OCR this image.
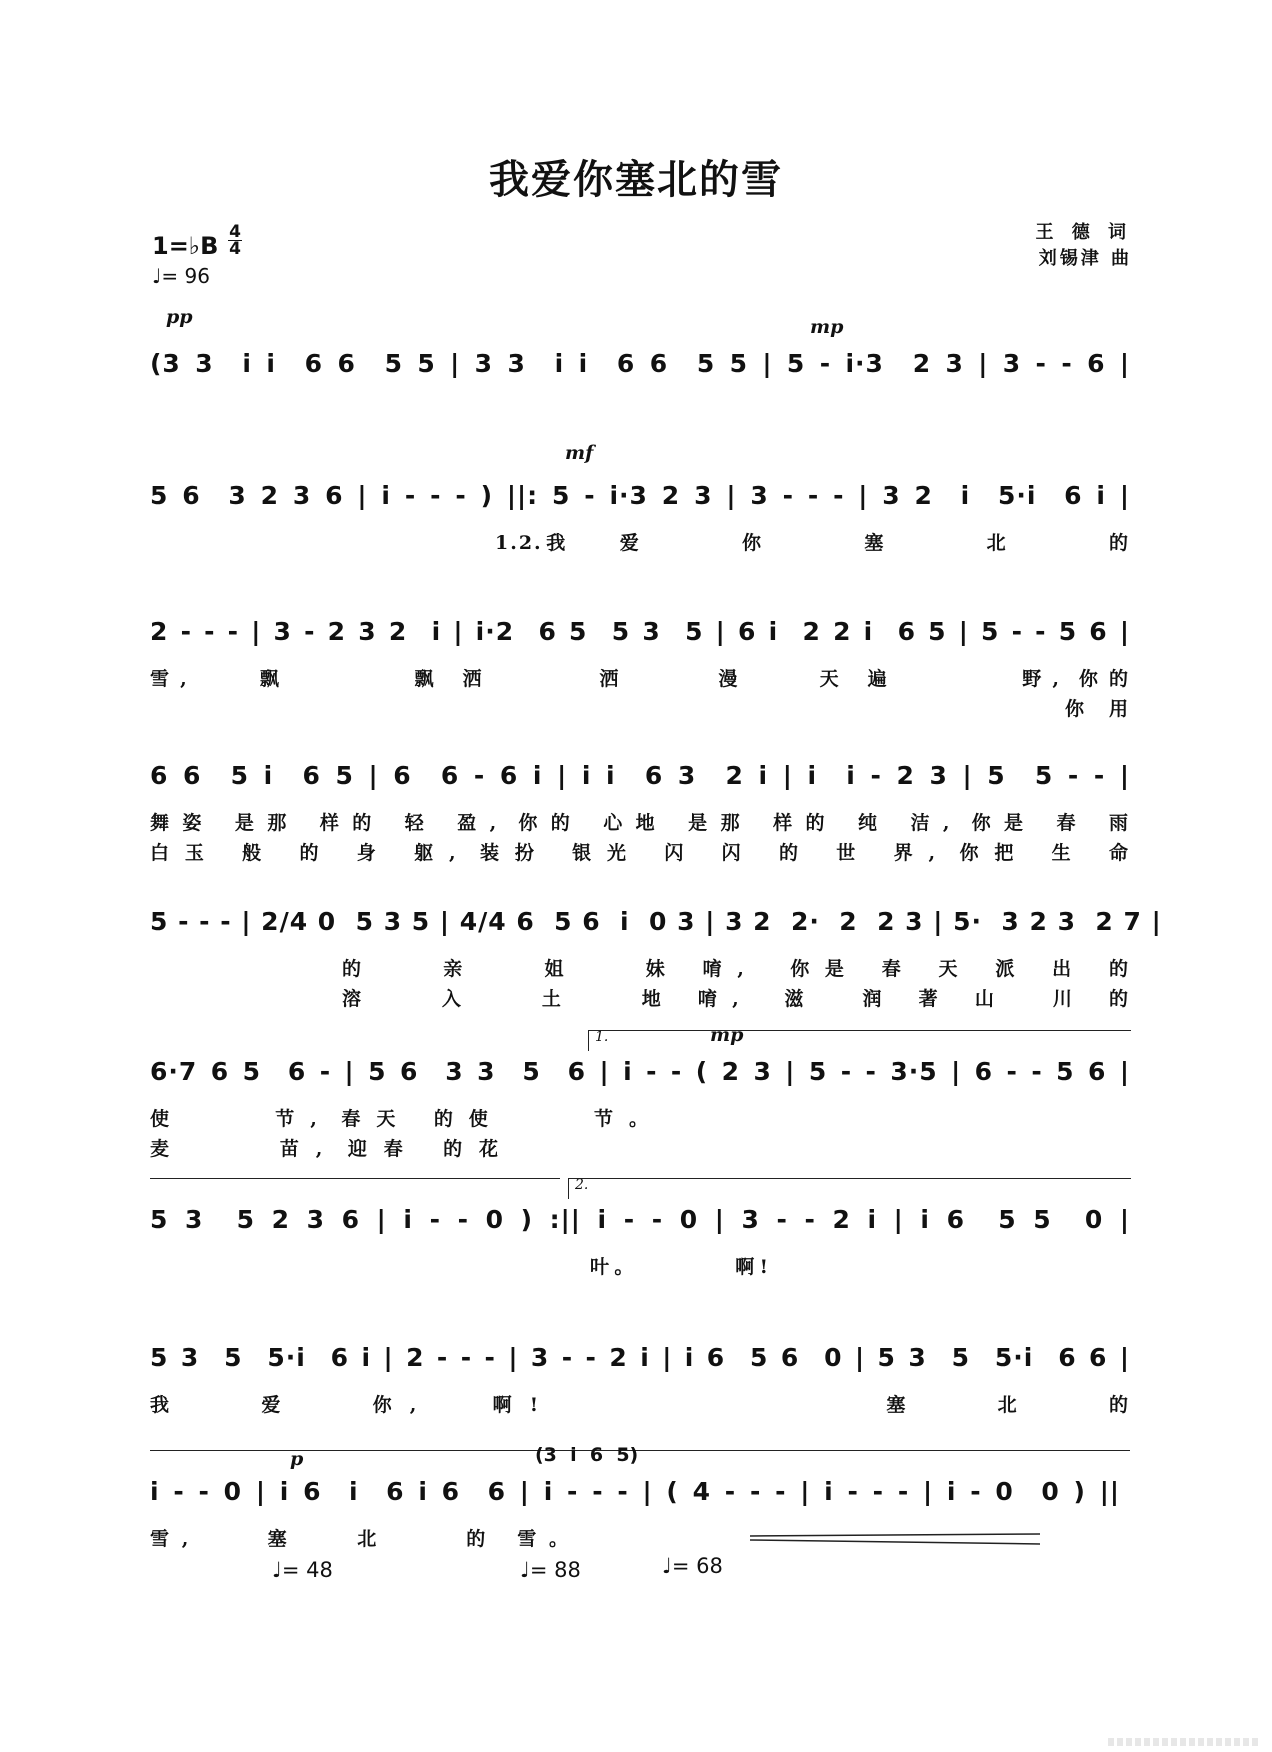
我爱你塞北的雪
王 德 词
刘锡津 曲
1=♭B 4
4
♩= 96
pp	mp
(3 3  i i  6 6  5 5 | 3 3  i i  6 6  5 5 | 5 - i·3  2 3 | 3 - - 6 |
mf
5 6  3 2 3 6 | i - - - ) ||: 5 - i·3 2 3 | 3 - - - | 3 2  i  5·i  6 i |
1.2.我    爱        你        塞        北        的
2 - - - | 3 - 2 3 2  i | i·2  6 5  5 3  5 | 6 i  2 2 i  6 5 | 5 - - 5 6 |
雪,    飘       飘 洒      洒     漫    天 遍       野, 你的
你用
6 6  5 i  6 5 | 6  6 - 6 i | i i  6 3  2 i | i  i - 2 3 | 5  5 - - |
舞姿 是那 样的 轻 盈, 你的 心地 是那 样的 纯 洁, 你是 春 雨
白玉 般 的 身 躯, 装扮 银光 闪 闪 的 世 界, 你把 生 命
5 - - - | 2/4 0  5 3 5 | 4/4 6  5 6  i  0 3 | 3 2  2·  2  2 3 | 5·  3 2 3  2 7 |
的   亲   姐   妹 唷,  你是 春 天 派 出 的
溶   入   土   地 唷,  滋  润 著 山  川 的
1.	mp
6·7 6 5  6 - | 5 6  3 3  5  6 | i - - ( 2 3 | 5 - - 3·5 | 6 - - 5 6 |
使    节, 春天 的使    节。
麦    苗, 迎春 的花
2.
5 3  5 2 3 6 | i - - 0 ) :|| i - - 0 | 3 - - 2 i | i 6  5 5  0 |
叶。        啊!
5 3  5  5·i  6 i | 2 - - - | 3 - - 2 i | i 6  5 6  0 | 5 3  5  5·i  6 6 |
我   爱   你,   啊!              塞   北   的
p	(3  i  6  5)
i - - 0 | i 6  i  6 i 6  6 | i - - - | ( 4 - - - | i - - - | i - 0  0 ) ||
雪,    塞   北    的 雪。
♩= 48	♩= 88	♩= 68
